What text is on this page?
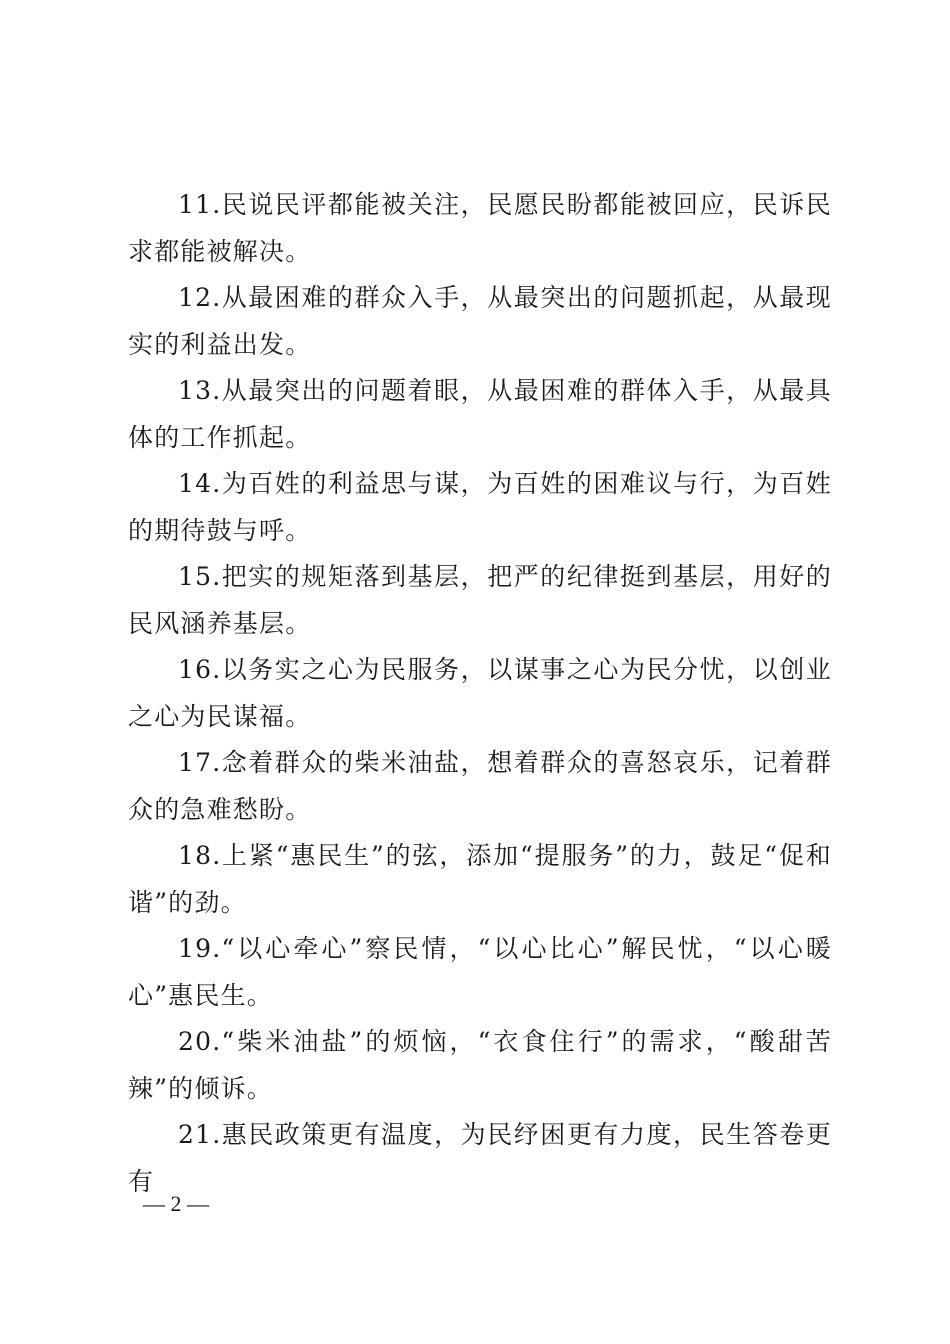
11.民说民评都能被关注，民愿民盼都能被回应，民诉民求都能被解决。

12.从最困难的群众入手，从最突出的问题抓起，从最现实的利益出发。

13.从最突出的问题着眼，从最困难的群体入手，从最具体的工作抓起。

14.为百姓的利益思与谋，为百姓的困难议与行，为百姓的期待鼓与呼。

15.把实的规矩落到基层，把严的纪律挺到基层，用好的民风涵养基层。

16.以务实之心为民服务，以谋事之心为民分忧，以创业之心为民谋福。

17.念着群众的柴米油盐，想着群众的喜怒哀乐，记着群众的急难愁盼。

18.上紧“惠民生”的弦，添加“提服务”的力，鼓足“促和谐”的劲。

19.“以心牵心”察民情，“以心比心”解民忧，“以心暖心”惠民生。

20.“柴米油盐”的烦恼，“衣食住行”的需求，“酸甜苦辣”的倾诉。

21.惠民政策更有温度，为民纾困更有力度，民生答卷更有

— 2 —
